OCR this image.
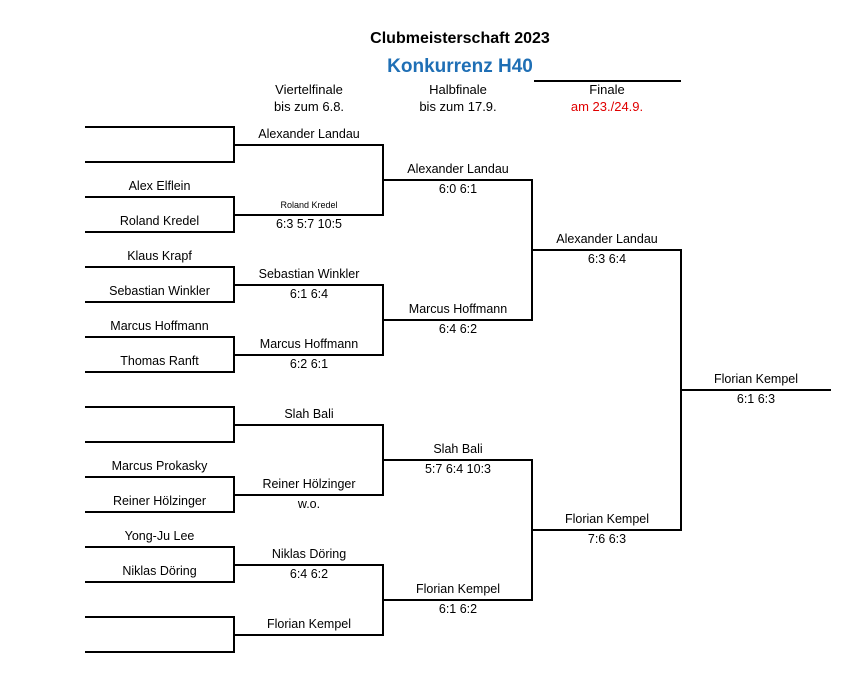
Clubmeisterschaft 2023
Konkurrenz H40
Viertelfinale
bis zum 6.8.
Halbfinale
bis zum 17.9.
Finale
am 23./24.9.
Alex Elflein
Roland Kredel
Klaus Krapf
Sebastian Winkler
Marcus Hoffmann
Thomas Ranft
Marcus Prokasky
Reiner Hölzinger
Yong-Ju Lee
Niklas Döring
Alexander Landau
Roland Kredel
6:3 5:7 10:5
Sebastian Winkler
6:1 6:4
Marcus Hoffmann
6:2 6:1
Slah Bali
Reiner Hölzinger
w.o.
Niklas Döring
6:4 6:2
Florian Kempel
Alexander Landau
6:0 6:1
Marcus Hoffmann
6:4 6:2
Slah Bali
5:7 6:4 10:3
Florian Kempel
6:1 6:2
Alexander Landau
6:3 6:4
Florian Kempel
7:6 6:3
Florian Kempel
6:1 6:3
